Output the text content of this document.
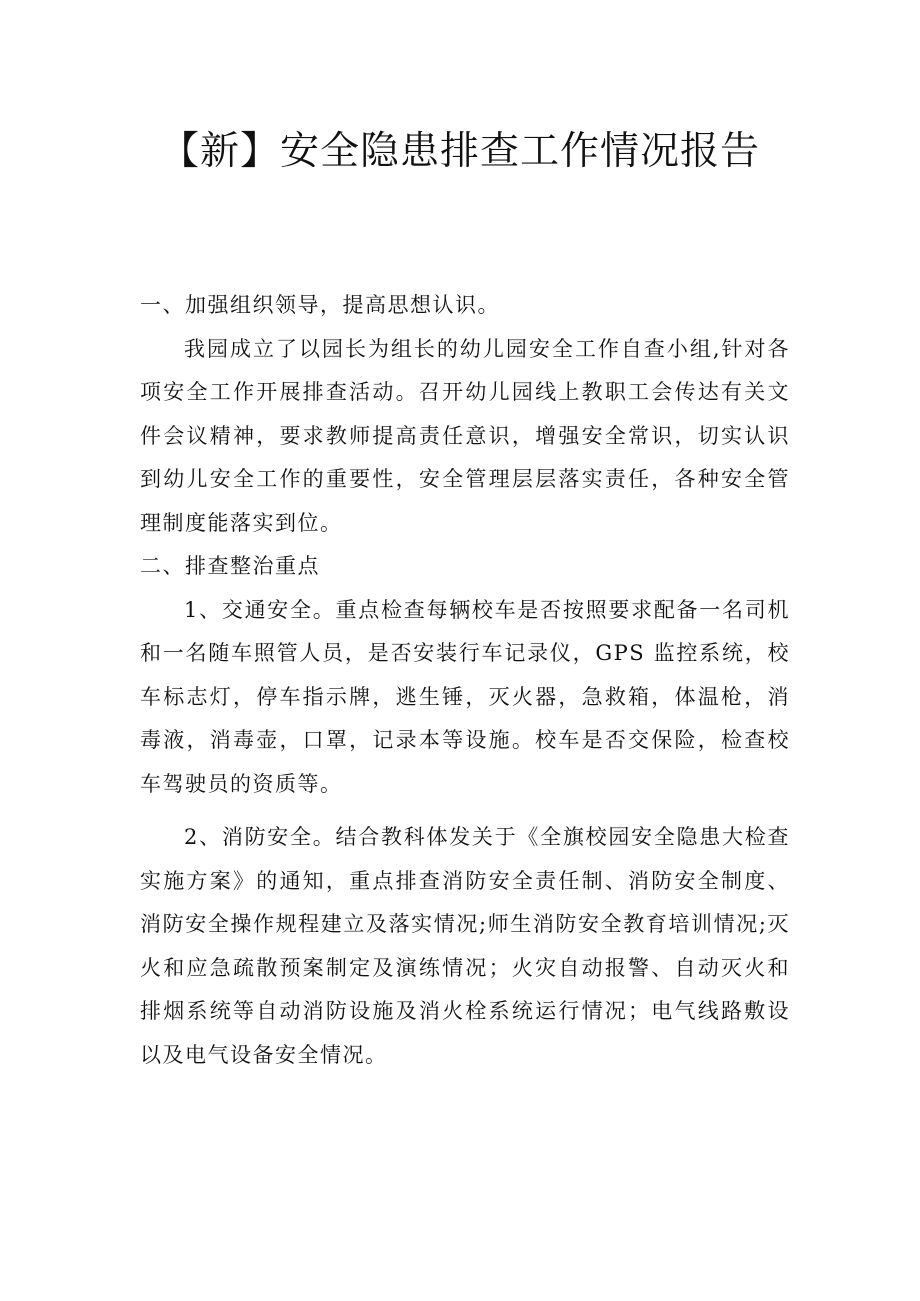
【新】安全隐患排查工作情况报告

一、加强组织领导，提高思想认识。

我园成立了以园长为组长的幼儿园安全工作自查小组,针对各项安全工作开展排查活动。召开幼儿园线上教职工会传达有关文件会议精神，要求教师提高责任意识，增强安全常识，切实认识到幼儿安全工作的重要性，安全管理层层落实责任，各种安全管理制度能落实到位。

二、排查整治重点

1、交通安全。重点检查每辆校车是否按照要求配备一名司机和一名随车照管人员，是否安装行车记录仪，GPS 监控系统，校车标志灯，停车指示牌，逃生锤，灭火器，急救箱，体温枪，消毒液，消毒壶，口罩，记录本等设施。校车是否交保险，检查校车驾驶员的资质等。

2、消防安全。结合教科体发关于《全旗校园安全隐患大检查实施方案》的通知，重点排查消防安全责任制、消防安全制度、消防安全操作规程建立及落实情况;师生消防安全教育培训情况;灭火和应急疏散预案制定及演练情况；火灾自动报警、自动灭火和排烟系统等自动消防设施及消火栓系统运行情况；电气线路敷设以及电气设备安全情况。
